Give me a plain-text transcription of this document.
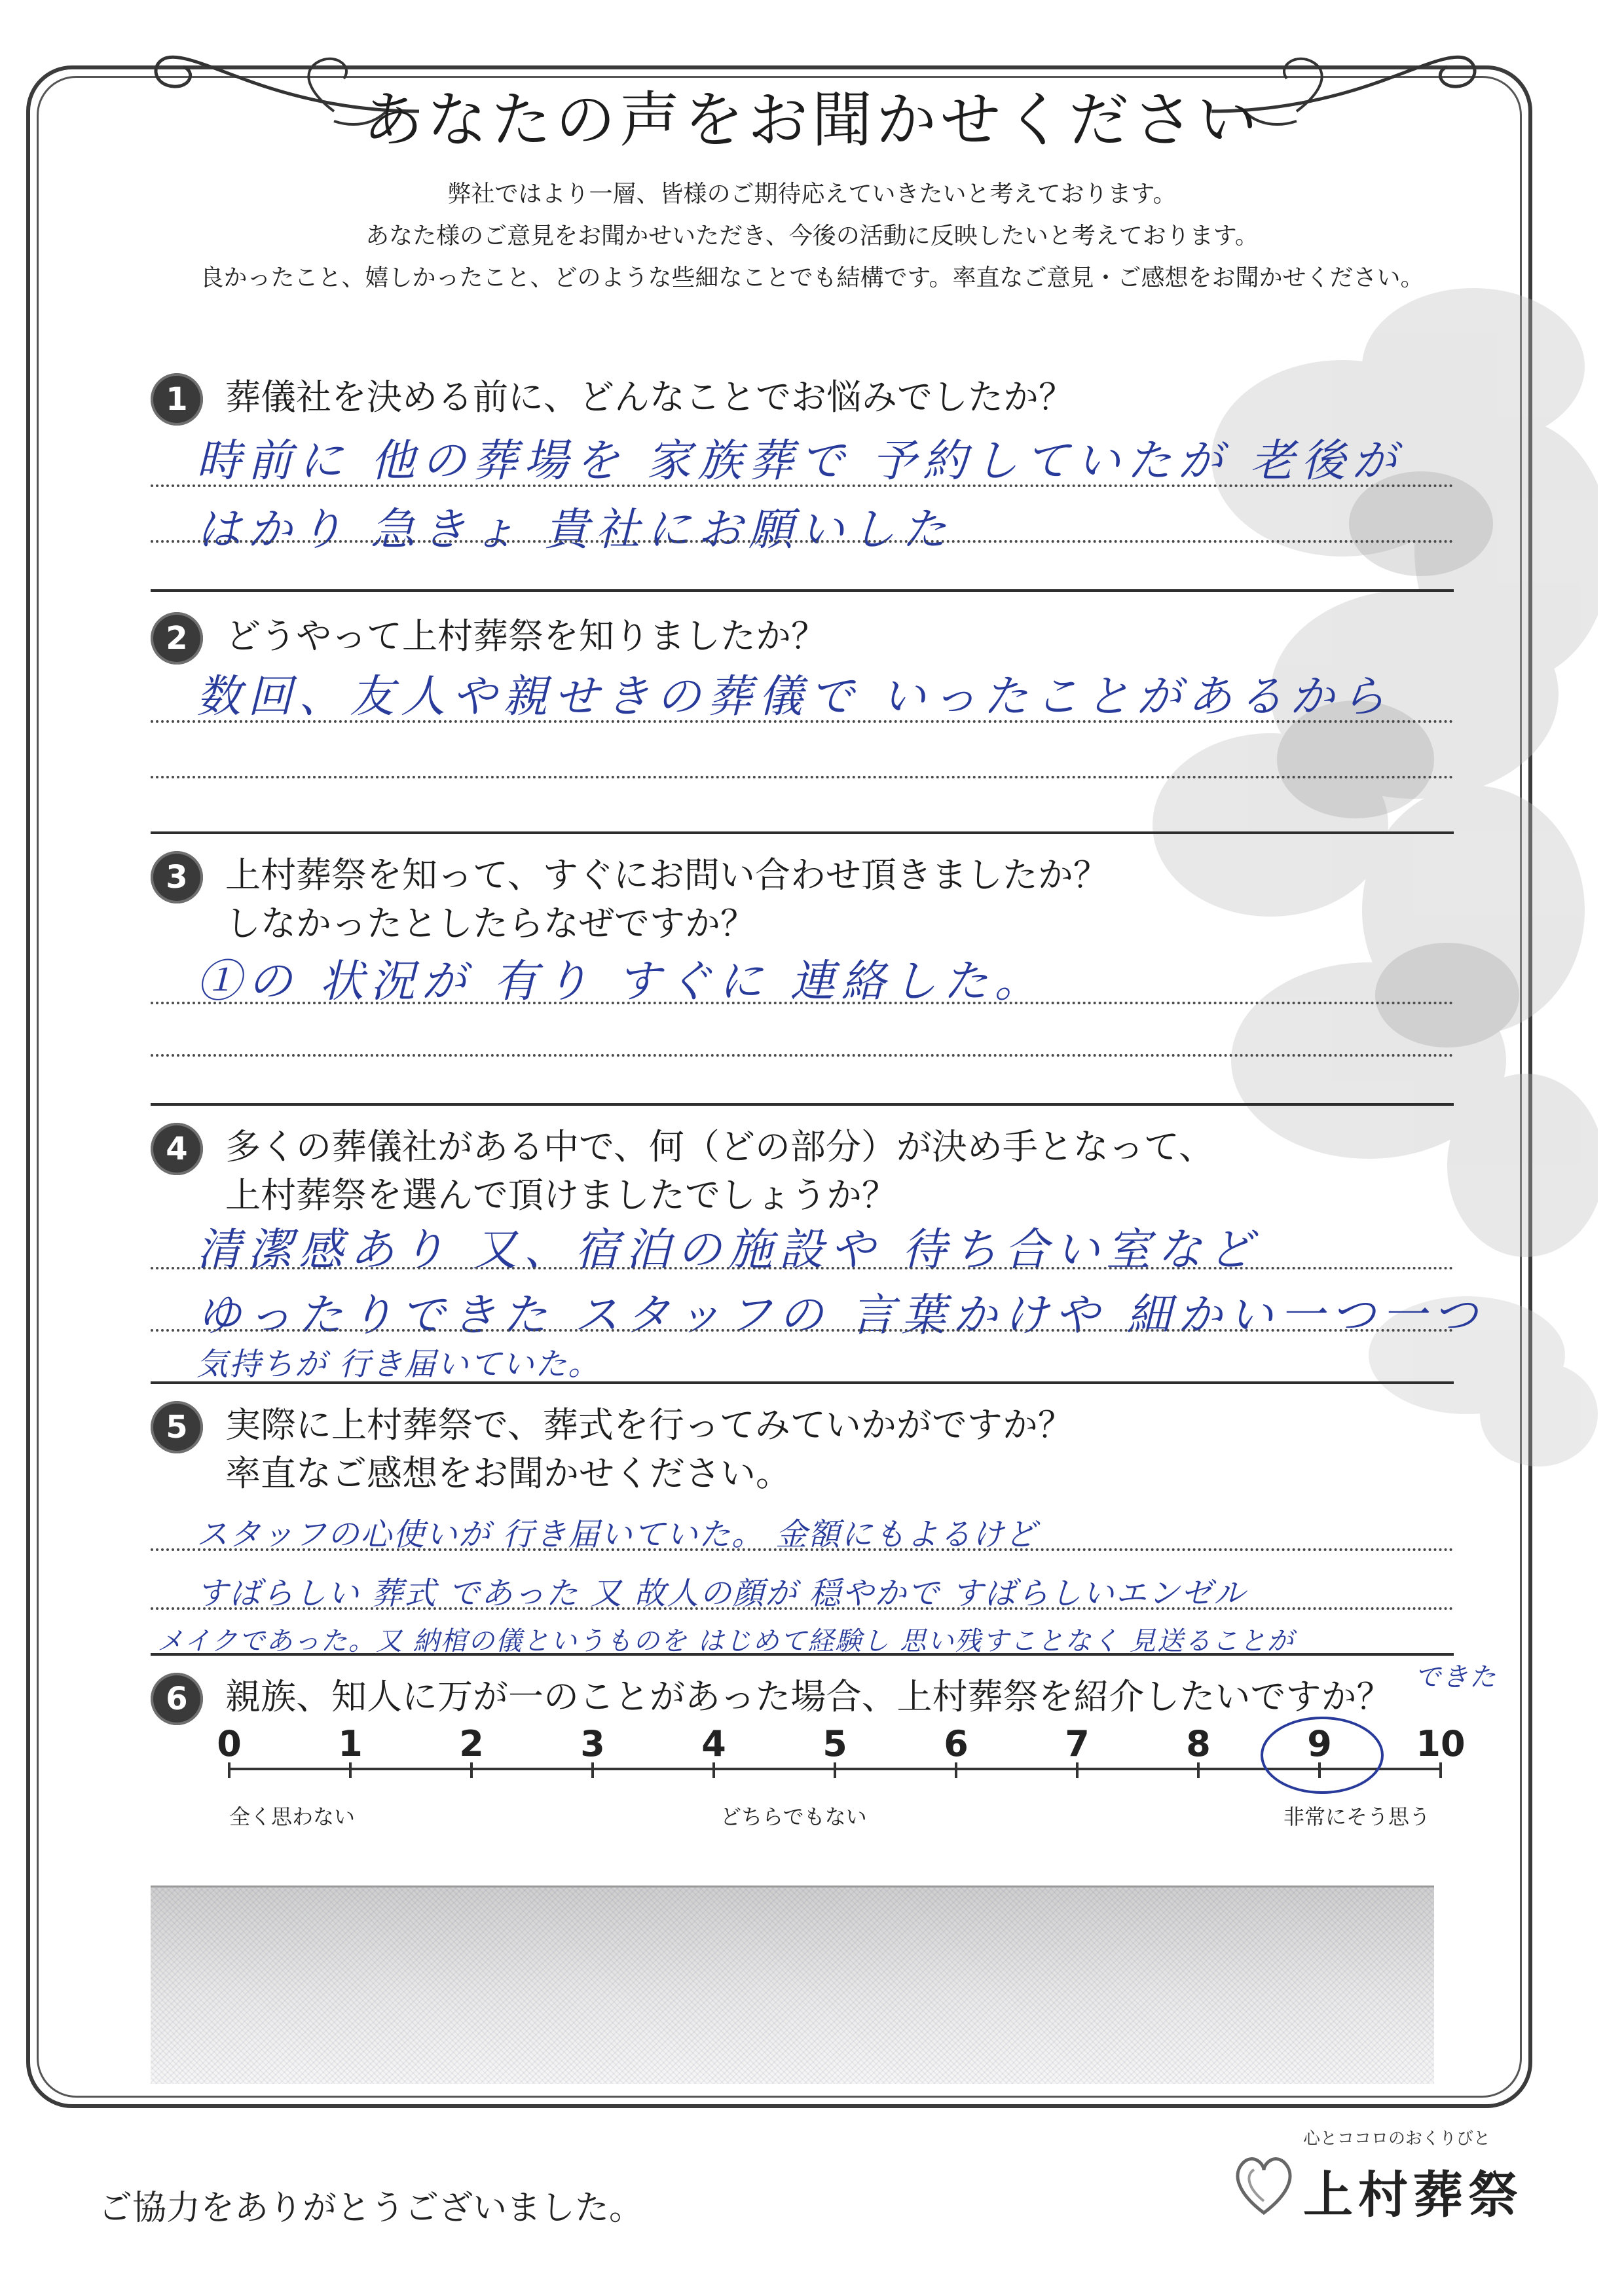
あなたの声をお聞かせください
弊社ではより一層、皆様のご期待応えていきたいと考えております。
あなた様のご意見をお聞かせいただき、今後の活動に反映したいと考えております。
良かったこと、嬉しかったこと、どのような些細なことでも結構です。率直なご意見・ご感想をお聞かせください。
1	葬儀社を決める前に、どんなことでお悩みでしたか？
時前に 他の葬場を 家族葬で 予約していたが 老後が
はかり 急きょ 貴社にお願いした
2	どうやって上村葬祭を知りましたか？
数回、友人や親せきの葬儀で いったことがあるから
3	上村葬祭を知って、すぐにお問い合わせ頂きましたか？
しなかったとしたらなぜですか？
①の 状況が 有り すぐに 連絡した。
4	多くの葬儀社がある中で、何（どの部分）が決め手となって、
上村葬祭を選んで頂けましたでしょうか？
清潔感あり 又、宿泊の施設や 待ち合い室など
ゆったりできた スタッフの 言葉かけや 細かい一つ一つ
気持ちが 行き届いていた。
5	実際に上村葬祭で、葬式を行ってみていかがですか？
率直なご感想をお聞かせください。
スタッフの心使いが 行き届いていた。 金額にもよるけど
すばらしい 葬式 であった 又 故人の顔が 穏やかで すばらしいエンゼル
メイクであった。又 納棺の儀というものを はじめて経験し 思い残すことなく 見送ることが
できた
6	親族、知人に万が一のことがあった場合、上村葬祭を紹介したいですか？
0	1	2	3	4	5	6	7	8	9	10
全く思わない	どちらでもない	非常にそう思う
ご協力をありがとうございました。
心とココロのおくりびと
上村葬祭
